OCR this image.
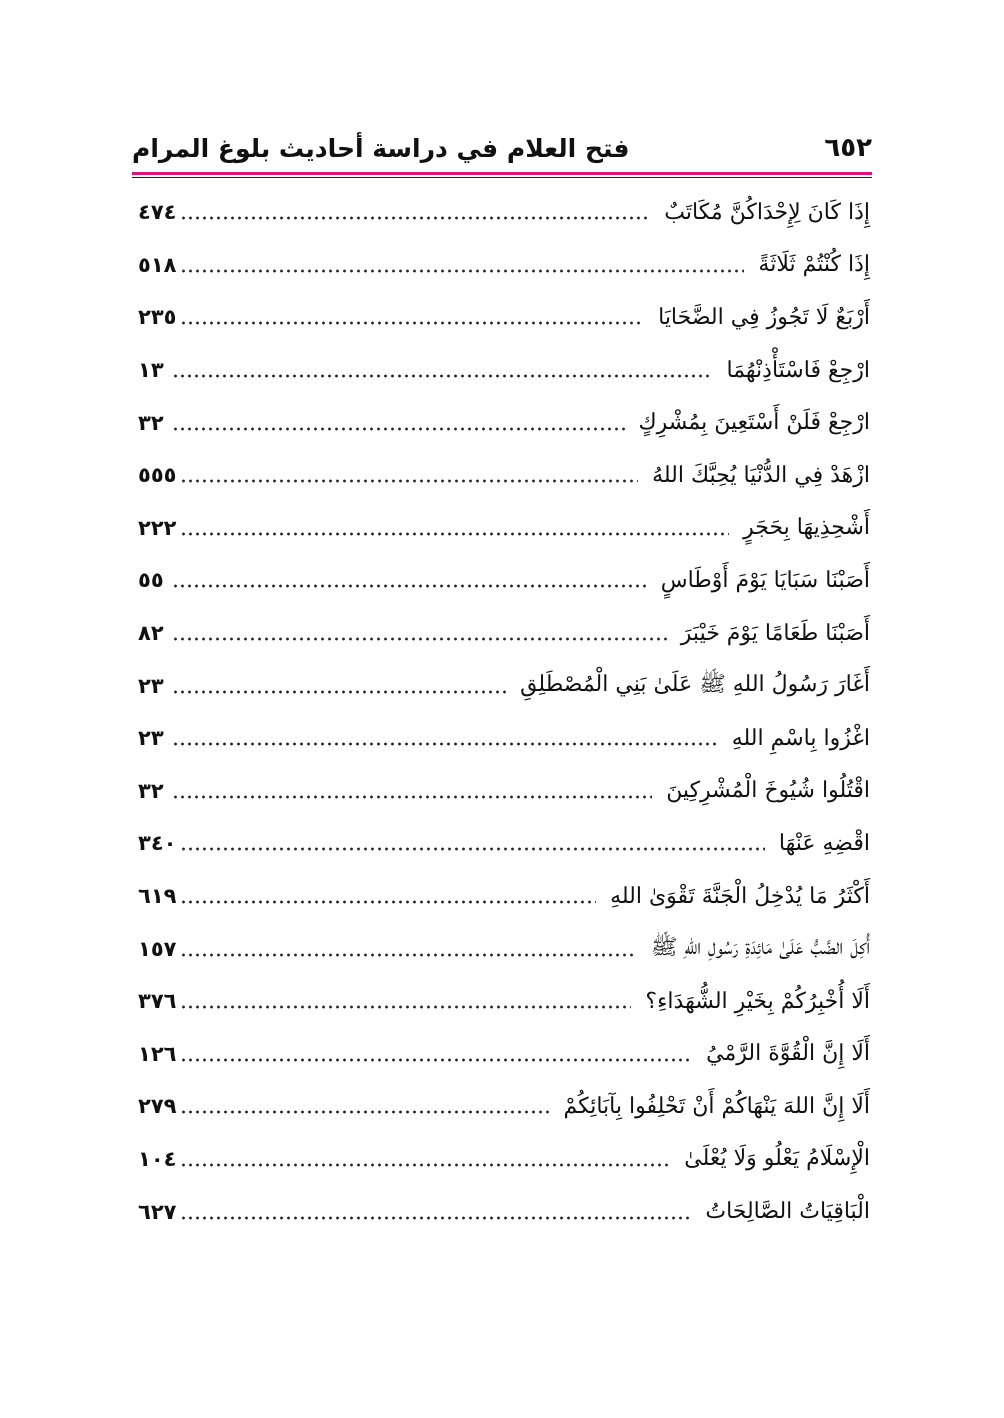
٦٥٢
فتح العلام في دراسة أحاديث بلوغ المرام
إِذَا كَانَ لِإِحْدَاكُنَّ مُكَاتَبٌ
٤٧٤
إِذَا كُنْتُمْ ثَلَاثَةً
٥١٨
أَرْبَعٌ لَا تَجُوزُ فِي الضَّحَايَا
٢٣٥
ارْجِعْ فَاسْتَأْذِنْهُمَا
١٣
ارْجِعْ فَلَنْ أَسْتَعِينَ بِمُشْرِكٍ
٣٢
ازْهَدْ فِي الدُّنْيَا يُحِبَّكَ اللهُ
٥٥٥
أَشْحِذِيهَا بِحَجَرٍ
٢٢٢
أَصَبْنَا سَبَايَا يَوْمَ أَوْطَاسٍ
٥٥
أَصَبْنَا طَعَامًا يَوْمَ خَيْبَرَ
٨٢
أَغَارَ رَسُولُ اللهِ ﷺ عَلَىٰ بَنِي الْمُصْطَلِقِ
٢٣
اغْزُوا بِاسْمِ اللهِ
٢٣
اقْتُلُوا شُيُوخَ الْمُشْرِكِينَ
٣٢
اقْضِهِ عَنْهَا
٣٤٠
أَكْثَرُ مَا يُدْخِلُ الْجَنَّةَ تَقْوَىٰ اللهِ
٦١٩
أُكِلَ الضَّبُّ عَلَىٰ مَائِدَةِ رَسُولِ اللهِ ﷺ
١٥٧
أَلَا أُخْبِرُكُمْ بِخَيْرِ الشُّهَدَاءِ؟
٣٧٦
أَلَا إِنَّ الْقُوَّةَ الرَّمْيُ
١٢٦
أَلَا إِنَّ اللهَ يَنْهَاكُمْ أَنْ تَحْلِفُوا بِآبَائِكُمْ
٢٧٩
الْإِسْلَامُ يَعْلُو وَلَا يُعْلَىٰ
١٠٤
الْبَاقِيَاتُ الصَّالِحَاتُ
٦٢٧
